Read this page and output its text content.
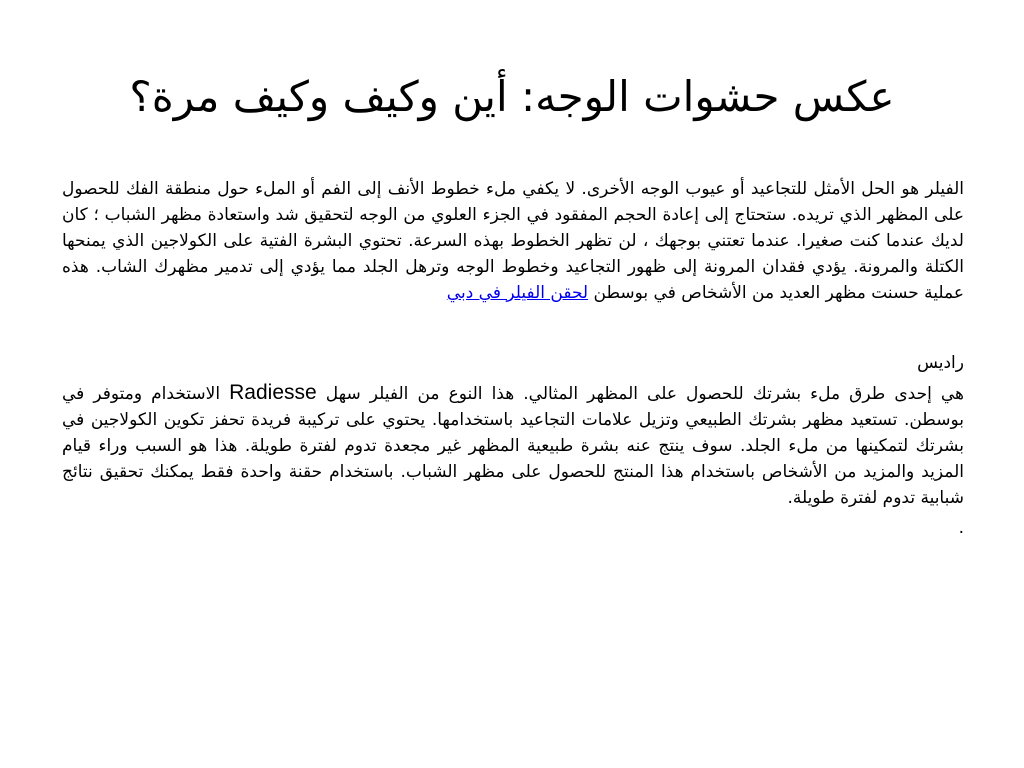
عكس حشوات الوجه: أين وكيف وكيف مرة؟

الفيلر هو الحل الأمثل للتجاعيد أو عيوب الوجه الأخرى. لا يكفي ملء خطوط الأنف إلى الفم أو الملء حول منطقة الفك للحصول على المظهر الذي تريده. ستحتاج إلى إعادة الحجم المفقود في الجزء العلوي من الوجه لتحقيق شد واستعادة مظهر الشباب ؛ كان لديك عندما كنت صغيرا. عندما تعتني بوجهك ، لن تظهر الخطوط بهذه السرعة. تحتوي البشرة الفتية على الكولاجين الذي يمنحها الكتلة والمرونة. يؤدي فقدان المرونة إلى ظهور التجاعيد وخطوط الوجه وترهل الجلد مما يؤدي إلى تدمير مظهرك الشاب. هذه عملية حسنت مظهر العديد من الأشخاص في بوسطن لحقن الفيلر في دبي

راديس

هي إحدى طرق ملء بشرتك للحصول على المظهر المثالي. هذا النوع من الفيلر سهل Radiesse الاستخدام ومتوفر في بوسطن. تستعيد مظهر بشرتك الطبيعي وتزيل علامات التجاعيد باستخدامها. يحتوي على تركيبة فريدة تحفز تكوين الكولاجين في بشرتك لتمكينها من ملء الجلد. سوف ينتج عنه بشرة طبيعية المظهر غير مجعدة تدوم لفترة طويلة. هذا هو السبب وراء قيام المزيد والمزيد من الأشخاص باستخدام هذا المنتج للحصول على مظهر الشباب. باستخدام حقنة واحدة فقط يمكنك تحقيق نتائج شبابية تدوم لفترة طويلة.

.
